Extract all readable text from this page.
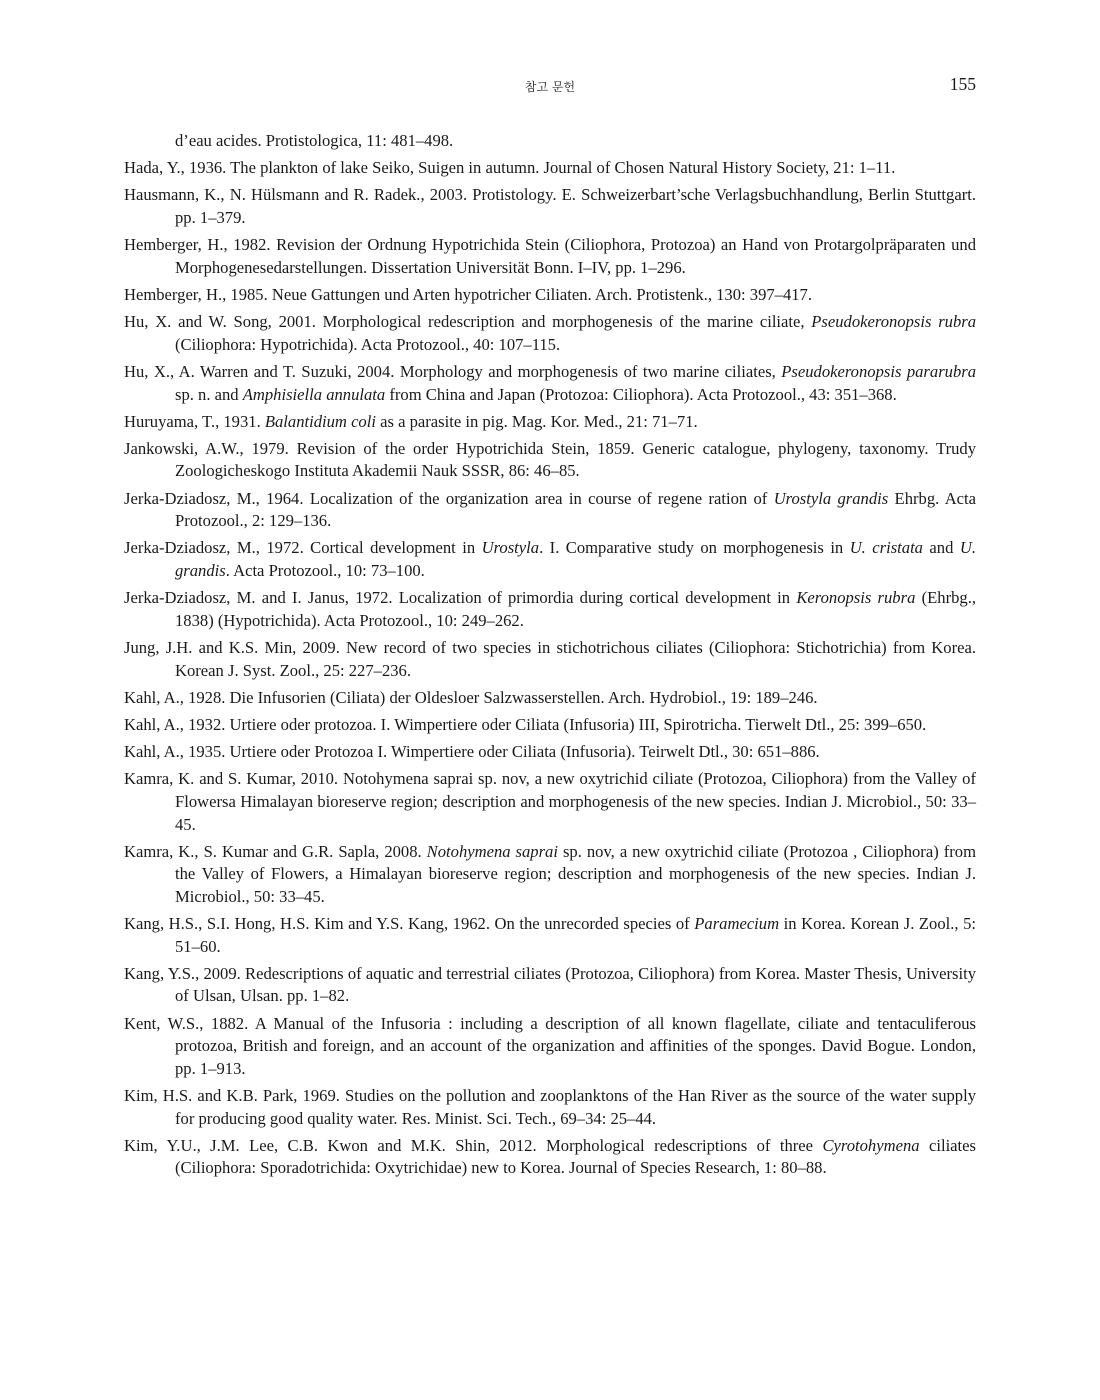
참고 문헌	155
d’eau acides. Protistologica, 11: 481–498.
Hada, Y., 1936. The plankton of lake Seiko, Suigen in autumn. Journal of Chosen Natural History Society, 21: 1–11.
Hausmann, K., N. Hülsmann and R. Radek., 2003. Protistology. E. Schweizerbart’sche Verlagsbuchhandlung, Berlin Stuttgart. pp. 1–379.
Hemberger, H., 1982. Revision der Ordnung Hypotrichida Stein (Ciliophora, Protozoa) an Hand von Protargolpräparaten und Morphogenesedarstellungen. Dissertation Universität Bonn. I–IV, pp. 1–296.
Hemberger, H., 1985. Neue Gattungen und Arten hypotricher Ciliaten. Arch. Protistenk., 130: 397–417.
Hu, X. and W. Song, 2001. Morphological redescription and morphogenesis of the marine ciliate, Pseudokeronopsis rubra (Ciliophora: Hypotrichida). Acta Protozool., 40: 107–115.
Hu, X., A. Warren and T. Suzuki, 2004. Morphology and morphogenesis of two marine ciliates, Pseudokeronopsis pararubra sp. n. and Amphisiella annulata from China and Japan (Protozoa: Ciliophora). Acta Protozool., 43: 351–368.
Huruyama, T., 1931. Balantidium coli as a parasite in pig. Mag. Kor. Med., 21: 71–71.
Jankowski, A.W., 1979. Revision of the order Hypotrichida Stein, 1859. Generic catalogue, phylogeny, taxonomy. Trudy Zoologicheskogo Instituta Akademii Nauk SSSR, 86: 46–85.
Jerka-Dziadosz, M., 1964. Localization of the organization area in course of regene ration of Urostyla grandis Ehrbg. Acta Protozool., 2: 129–136.
Jerka-Dziadosz, M., 1972. Cortical development in Urostyla. I. Comparative study on morphogenesis in U. cristata and U. grandis. Acta Protozool., 10: 73–100.
Jerka-Dziadosz, M. and I. Janus, 1972. Localization of primordia during cortical development in Keronopsis rubra (Ehrbg., 1838) (Hypotrichida). Acta Protozool., 10: 249–262.
Jung, J.H. and K.S. Min, 2009. New record of two species in stichotrichous ciliates (Ciliophora: Stichotrichia) from Korea. Korean J. Syst. Zool., 25: 227–236.
Kahl, A., 1928. Die Infusorien (Ciliata) der Oldesloer Salzwasserstellen. Arch. Hydrobiol., 19: 189–246.
Kahl, A., 1932. Urtiere oder protozoa. I. Wimpertiere oder Ciliata (Infusoria) III, Spirotricha. Tierwelt Dtl., 25: 399–650.
Kahl, A., 1935. Urtiere oder Protozoa I. Wimpertiere oder Ciliata (Infusoria). Teirwelt Dtl., 30: 651–886.
Kamra, K. and S. Kumar, 2010. Notohymena saprai sp. nov, a new oxytrichid ciliate (Protozoa, Ciliophora) from the Valley of Flowersa Himalayan bioreserve region; description and morphogenesis of the new species. Indian J. Microbiol., 50: 33–45.
Kamra, K., S. Kumar and G.R. Sapla, 2008. Notohymena saprai sp. nov, a new oxytrichid ciliate (Protozoa , Ciliophora) from the Valley of Flowers, a Himalayan bioreserve region; description and morphogenesis of the new species. Indian J. Microbiol., 50: 33–45.
Kang, H.S., S.I. Hong, H.S. Kim and Y.S. Kang, 1962. On the unrecorded species of Paramecium in Korea. Korean J. Zool., 5: 51–60.
Kang, Y.S., 2009. Redescriptions of aquatic and terrestrial ciliates (Protozoa, Ciliophora) from Korea. Master Thesis, University of Ulsan, Ulsan. pp. 1–82.
Kent, W.S., 1882. A Manual of the Infusoria : including a description of all known flagellate, ciliate and tentaculiferous protozoa, British and foreign, and an account of the organization and affinities of the sponges. David Bogue. London, pp. 1–913.
Kim, H.S. and K.B. Park, 1969. Studies on the pollution and zooplanktons of the Han River as the source of the water supply for producing good quality water. Res. Minist. Sci. Tech., 69–34: 25–44.
Kim, Y.U., J.M. Lee, C.B. Kwon and M.K. Shin, 2012. Morphological redescriptions of three Cyrotohymena ciliates (Ciliophora: Sporadotrichida: Oxytrichidae) new to Korea. Journal of Species Research, 1: 80–88.
